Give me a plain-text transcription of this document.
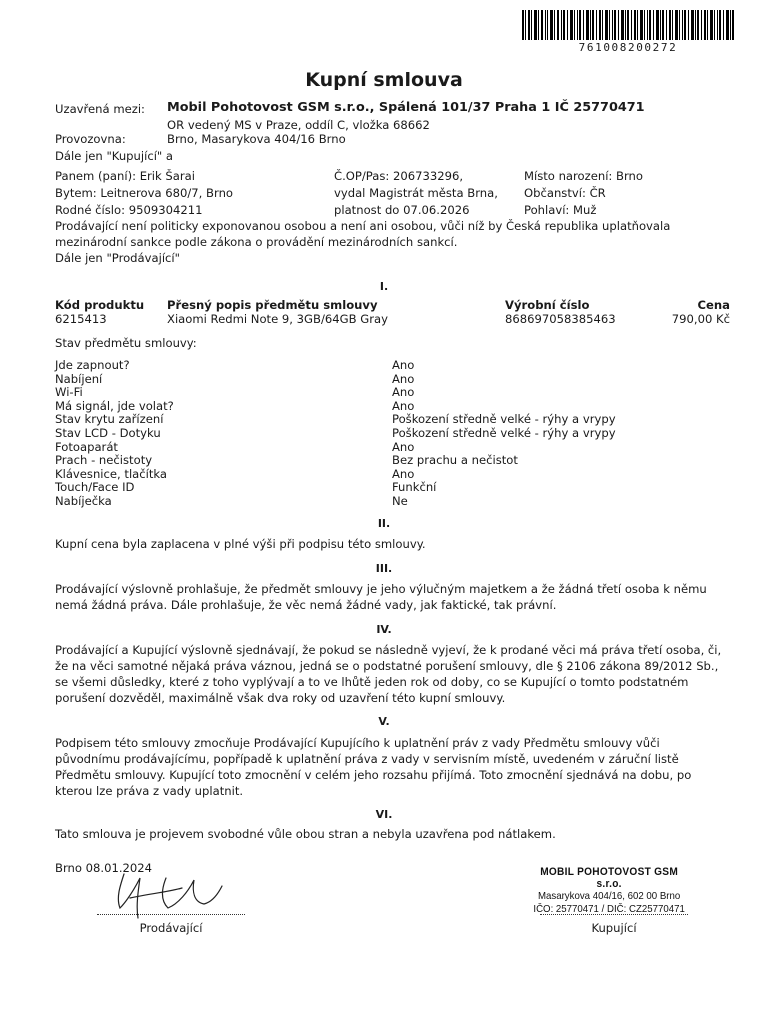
761008200272
Kupní smlouva
Uzavřená mezi: Mobil Pohotovost GSM s.r.o., Spálená 101/37 Praha 1 IČ 25770471
OR vedený MS v Praze, oddíl C, vložka 68662
Provozovna:	Brno, Masarykova 404/16 Brno
Dále jen "Kupující" a
Panem (paní): Erik Šarai
Bytem: Leitnerova 680/7, Brno
Rodné číslo: 9509304211
Č.OP/Pas: 206733296,
vydal Magistrát města Brna,
platnost do 07.06.2026
Místo narození: Brno
Občanství: ČR
Pohlaví: Muž
Prodávající není politicky exponovanou osobou a není ani osobou, vůči níž by Česká republika uplatňovala mezinárodní sankce podle zákona o provádění mezinárodních sankcí.
Dále jen "Prodávající"
I.
Kód produktu Přesný popis předmětu smlouvy	Výrobní číslo	Cena
6215413	Xiaomi Redmi Note 9, 3GB/64GB Gray	868697058385463	790,00 Kč
Stav předmětu smlouvy:
Jde zapnout?	Ano
Nabíjení	Ano
Wi-Fi	Ano
Má signál, jde volat?	Ano
Stav krytu zařízení	Poškození středně velké - rýhy a vrypy
Stav LCD - Dotyku	Poškození středně velké - rýhy a vrypy
Fotoaparát	Ano
Prach - nečistoty	Bez prachu a nečistot
Klávesnice, tlačítka	Ano
Touch/Face ID	Funkční
Nabíječka	Ne
II.
Kupní cena byla zaplacena v plné výši při podpisu této smlouvy.
III.
Prodávající výslovně prohlašuje, že předmět smlouvy je jeho výlučným majetkem a že žádná třetí osoba k němu nemá žádná práva. Dále prohlašuje, že věc nemá žádné vady, jak faktické, tak právní.
IV.
Prodávající a Kupující výslovně sjednávají, že pokud se následně vyjeví, že k prodané věci má práva třetí osoba, či, že na věci samotné nějaká práva váznou, jedná se o podstatné porušení smlouvy, dle § 2106 zákona 89/2012 Sb., se všemi důsledky, které z toho vyplývají a to ve lhůtě jeden rok od doby, co se Kupující o tomto podstatném porušení dozvěděl, maximálně však dva roky od uzavření této kupní smlouvy.
V.
Podpisem této smlouvy zmocňuje Prodávající Kupujícího k uplatnění práv z vady Předmětu smlouvy vůči původnímu prodávajícímu, popřípadě k uplatnění práva z vady v servisním místě, uvedeném v záruční listě Předmětu smlouvy. Kupující toto zmocnění v celém jeho rozsahu přijímá. Toto zmocnění sjednává na dobu, po kterou lze práva z vady uplatnit.
VI.
Tato smlouva je projevem svobodné vůle obou stran a nebyla uzavřena pod nátlakem.
Brno 08.01.2024
Prodávající
MOBIL POHOTOVOST GSM s.r.o.
Masarykova 404/16, 602 00 Brno
IČO: 25770471 / DIČ: CZ25770471
Kupující
